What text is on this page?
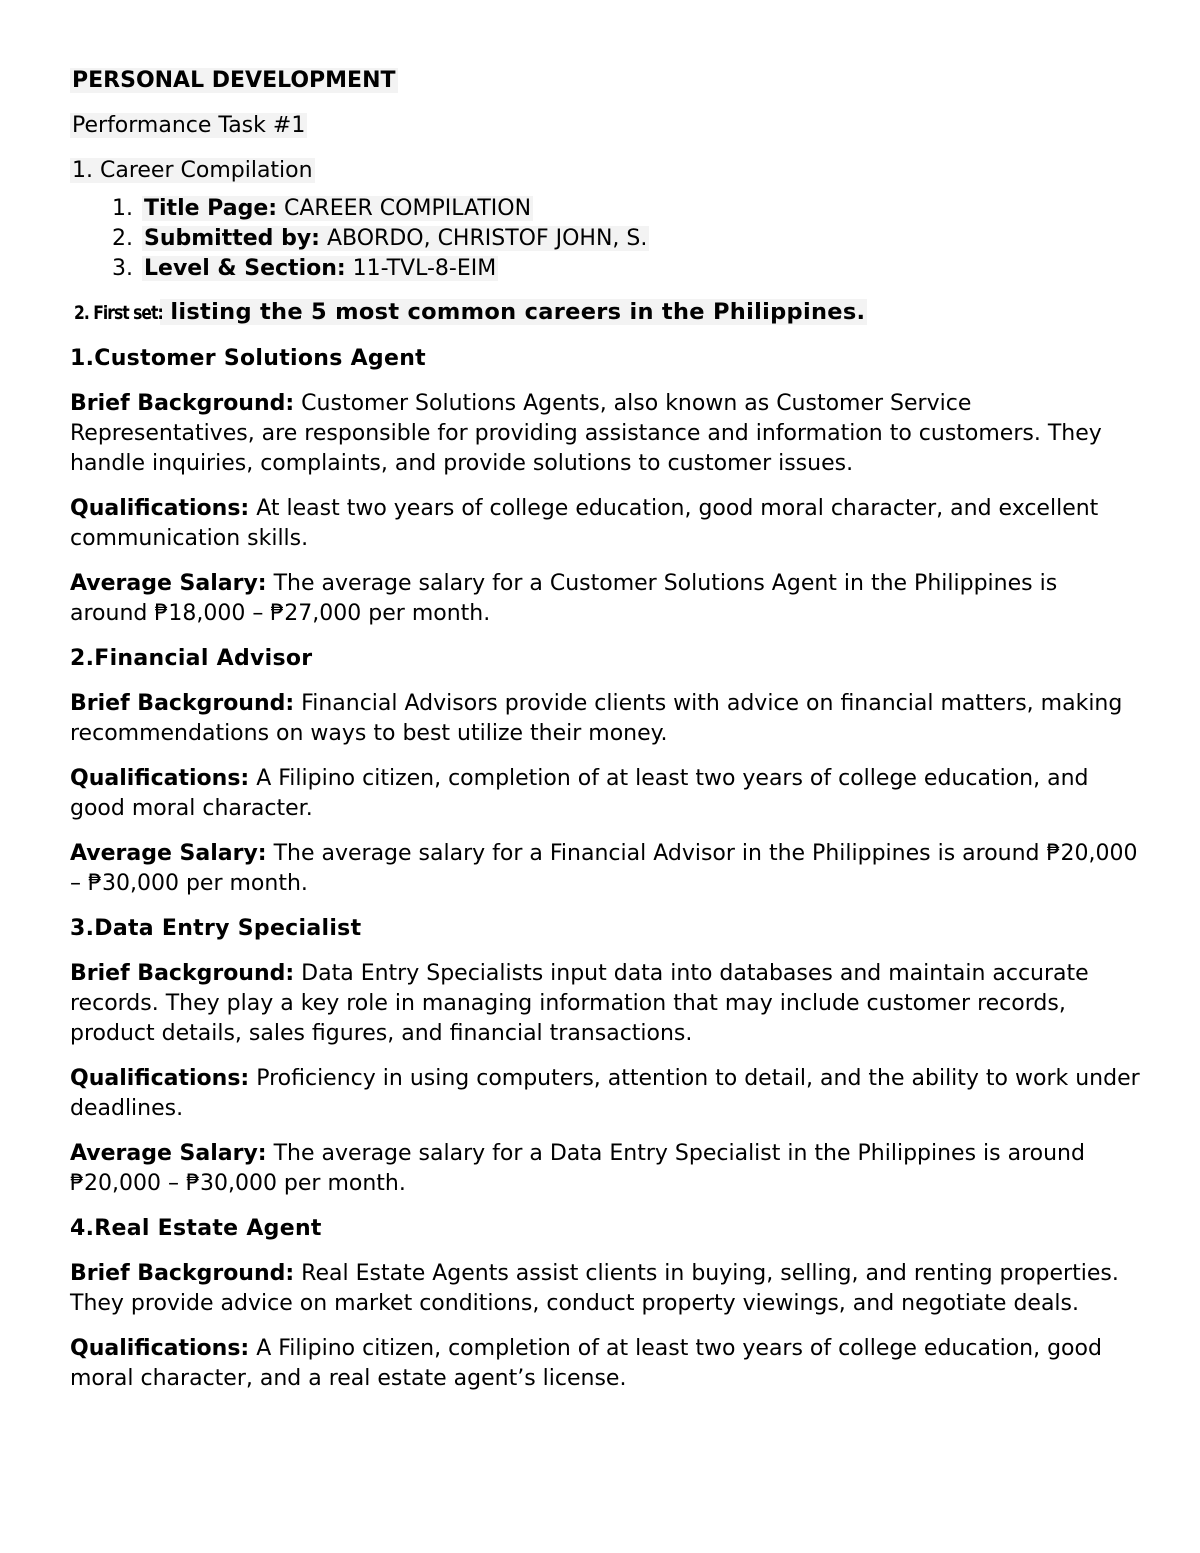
PERSONAL DEVELOPMENT

Performance Task #1

1. Career Compilation

Title Page: CAREER COMPILATION
Submitted by: ABORDO, CHRISTOF JOHN, S.
Level & Section: 11-TVL-8-EIM

2. First set: listing the 5 most common careers in the Philippines.

1.Customer Solutions Agent

Brief Background: Customer Solutions Agents, also known as Customer Service Representatives, are responsible for providing assistance and information to customers. They handle inquiries, complaints, and provide solutions to customer issues.

Qualifications: At least two years of college education, good moral character, and excellent communication skills.

Average Salary: The average salary for a Customer Solutions Agent in the Philippines is around ₱18,000 – ₱27,000 per month.

2.Financial Advisor

Brief Background: Financial Advisors provide clients with advice on financial matters, making recommendations on ways to best utilize their money.

Qualifications: A Filipino citizen, completion of at least two years of college education, and good moral character.

Average Salary: The average salary for a Financial Advisor in the Philippines is around ₱20,000 – ₱30,000 per month.

3.Data Entry Specialist

Brief Background: Data Entry Specialists input data into databases and maintain accurate records. They play a key role in managing information that may include customer records, product details, sales figures, and financial transactions.

Qualifications: Proficiency in using computers, attention to detail, and the ability to work under deadlines.

Average Salary: The average salary for a Data Entry Specialist in the Philippines is around ₱20,000 – ₱30,000 per month.

4.Real Estate Agent

Brief Background: Real Estate Agents assist clients in buying, selling, and renting properties. They provide advice on market conditions, conduct property viewings, and negotiate deals.

Qualifications: A Filipino citizen, completion of at least two years of college education, good moral character, and a real estate agent’s license.
